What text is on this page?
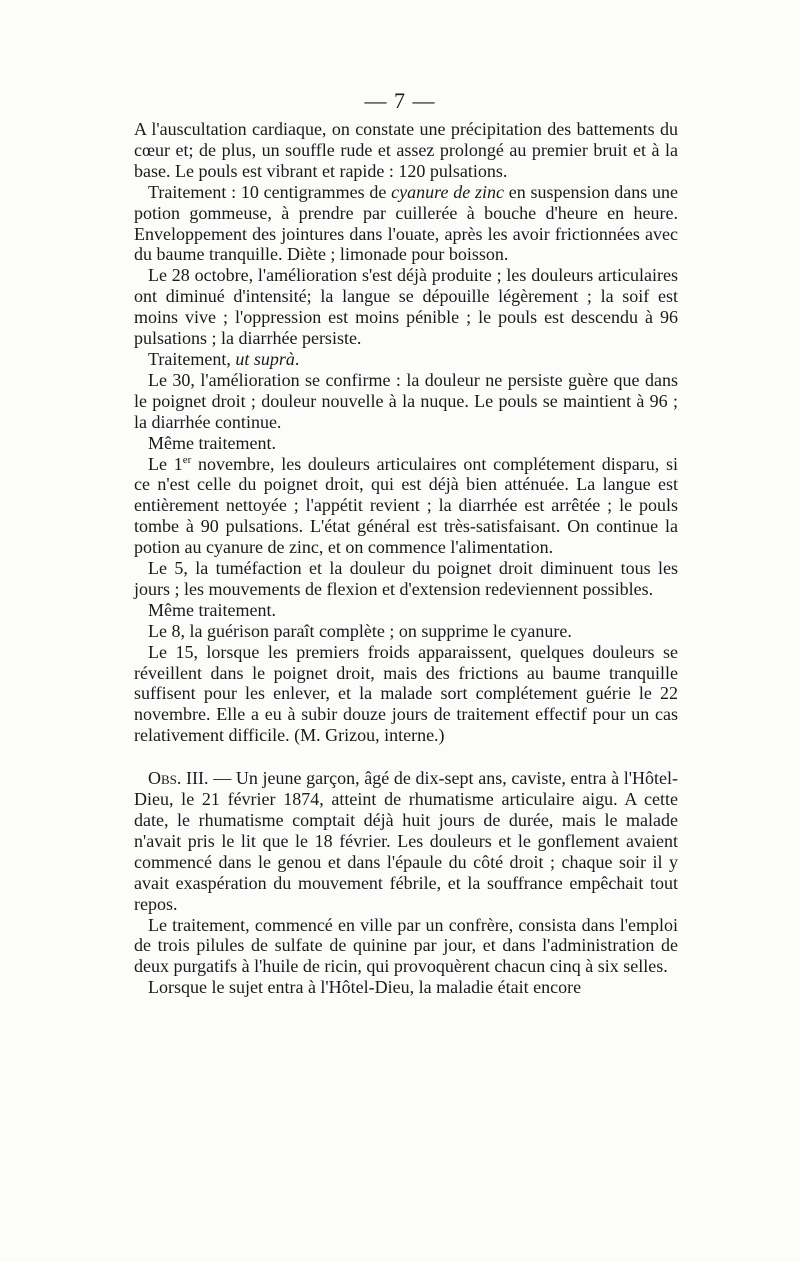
— 7 —

A l'auscultation cardiaque, on constate une précipitation des battements du cœur et; de plus, un souffle rude et assez prolongé au premier bruit et à la base. Le pouls est vibrant et rapide : 120 pulsations.

Traitement : 10 centigrammes de cyanure de zinc en suspension dans une potion gommeuse, à prendre par cuillerée à bouche d'heure en heure. Enveloppement des jointures dans l'ouate, après les avoir frictionnées avec du baume tranquille. Diète ; limonade pour boisson.

Le 28 octobre, l'amélioration s'est déjà produite ; les douleurs articulaires ont diminué d'intensité; la langue se dépouille légèrement ; la soif est moins vive ; l'oppression est moins pénible ; le pouls est descendu à 96 pulsations ; la diarrhée persiste.

Traitement, ut suprà.

Le 30, l'amélioration se confirme : la douleur ne persiste guère que dans le poignet droit ; douleur nouvelle à la nuque. Le pouls se maintient à 96 ; la diarrhée continue.

Même traitement.

Le 1er novembre, les douleurs articulaires ont complétement disparu, si ce n'est celle du poignet droit, qui est déjà bien atténuée. La langue est entièrement nettoyée ; l'appétit revient ; la diarrhée est arrêtée ; le pouls tombe à 90 pulsations. L'état général est très-satisfaisant. On continue la potion au cyanure de zinc, et on commence l'alimentation.

Le 5, la tuméfaction et la douleur du poignet droit diminuent tous les jours ; les mouvements de flexion et d'extension redeviennent possibles.

Même traitement.

Le 8, la guérison paraît complète ; on supprime le cyanure.

Le 15, lorsque les premiers froids apparaissent, quelques douleurs se réveillent dans le poignet droit, mais des frictions au baume tranquille suffisent pour les enlever, et la malade sort complétement guérie le 22 novembre. Elle a eu à subir douze jours de traitement effectif pour un cas relativement difficile. (M. Grizou, interne.)

Obs. III. — Un jeune garçon, âgé de dix-sept ans, caviste, entra à l'Hôtel-Dieu, le 21 février 1874, atteint de rhumatisme articulaire aigu. A cette date, le rhumatisme comptait déjà huit jours de durée, mais le malade n'avait pris le lit que le 18 février. Les douleurs et le gonflement avaient commencé dans le genou et dans l'épaule du côté droit ; chaque soir il y avait exaspération du mouvement fébrile, et la souffrance empêchait tout repos.

Le traitement, commencé en ville par un confrère, consista dans l'emploi de trois pilules de sulfate de quinine par jour, et dans l'administration de deux purgatifs à l'huile de ricin, qui provoquèrent chacun cinq à six selles.

Lorsque le sujet entra à l'Hôtel-Dieu, la maladie était encore
